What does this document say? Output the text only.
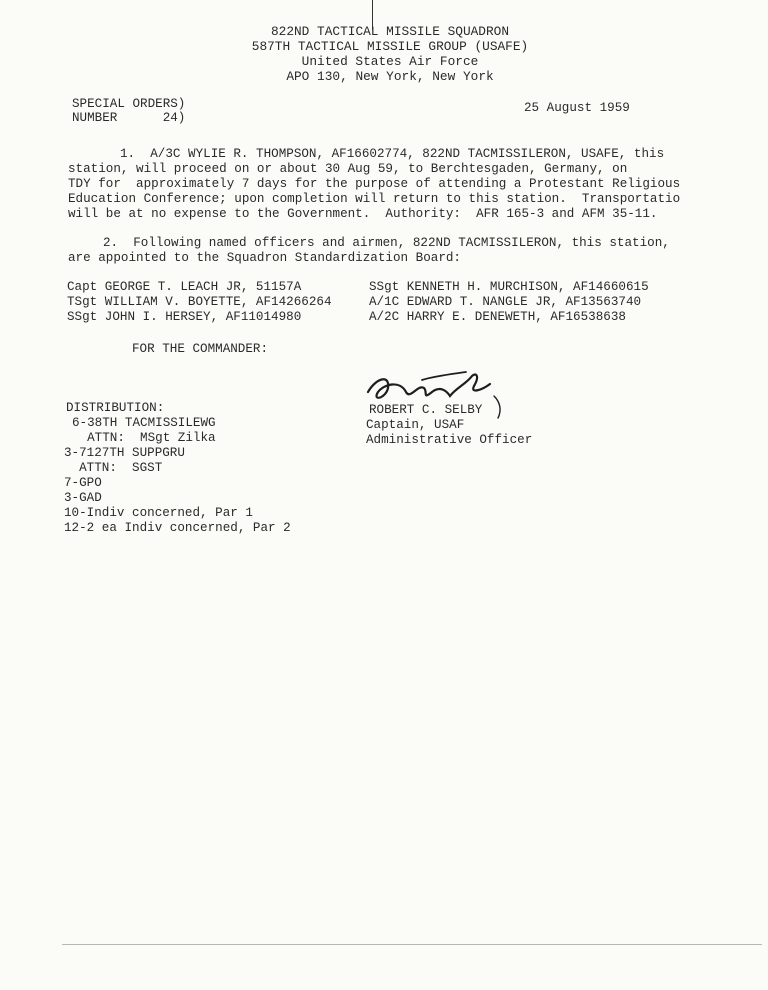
822ND TACTICAL MISSILE SQUADRON
587TH TACTICAL MISSILE GROUP (USAFE)
United States Air Force
APO 130, New York, New York
SPECIAL ORDERS)
NUMBER      24)
25 August 1959
1.  A/3C WYLIE R. THOMPSON, AF16602774, 822ND TACMISSILERON, USAFE, this
station, will proceed on or about 30 Aug 59, to Berchtesgaden, Germany, on
TDY for  approximately 7 days for the purpose of attending a Protestant Religious
Education Conference; upon completion will return to this station.  Transportatio
will be at no expense to the Government.  Authority:  AFR 165-3 and AFM 35-11.
2.  Following named officers and airmen, 822ND TACMISSILERON, this station,
are appointed to the Squadron Standardization Board:
Capt GEORGE T. LEACH JR, 51157A
TSgt WILLIAM V. BOYETTE, AF14266264
SSgt JOHN I. HERSEY, AF11014980
SSgt KENNETH H. MURCHISON, AF14660615
A/1C EDWARD T. NANGLE JR, AF13563740
A/2C HARRY E. DENEWETH, AF16538638
FOR THE COMMANDER:
ROBERT C. SELBY
Captain, USAF
Administrative Officer
DISTRIBUTION:
6-38TH TACMISSILEWG
ATTN:  MSgt Zilka
3-7127TH SUPPGRU
ATTN:  SGST
7-GPO
3-GAD
10-Indiv concerned, Par 1
12-2 ea Indiv concerned, Par 2
